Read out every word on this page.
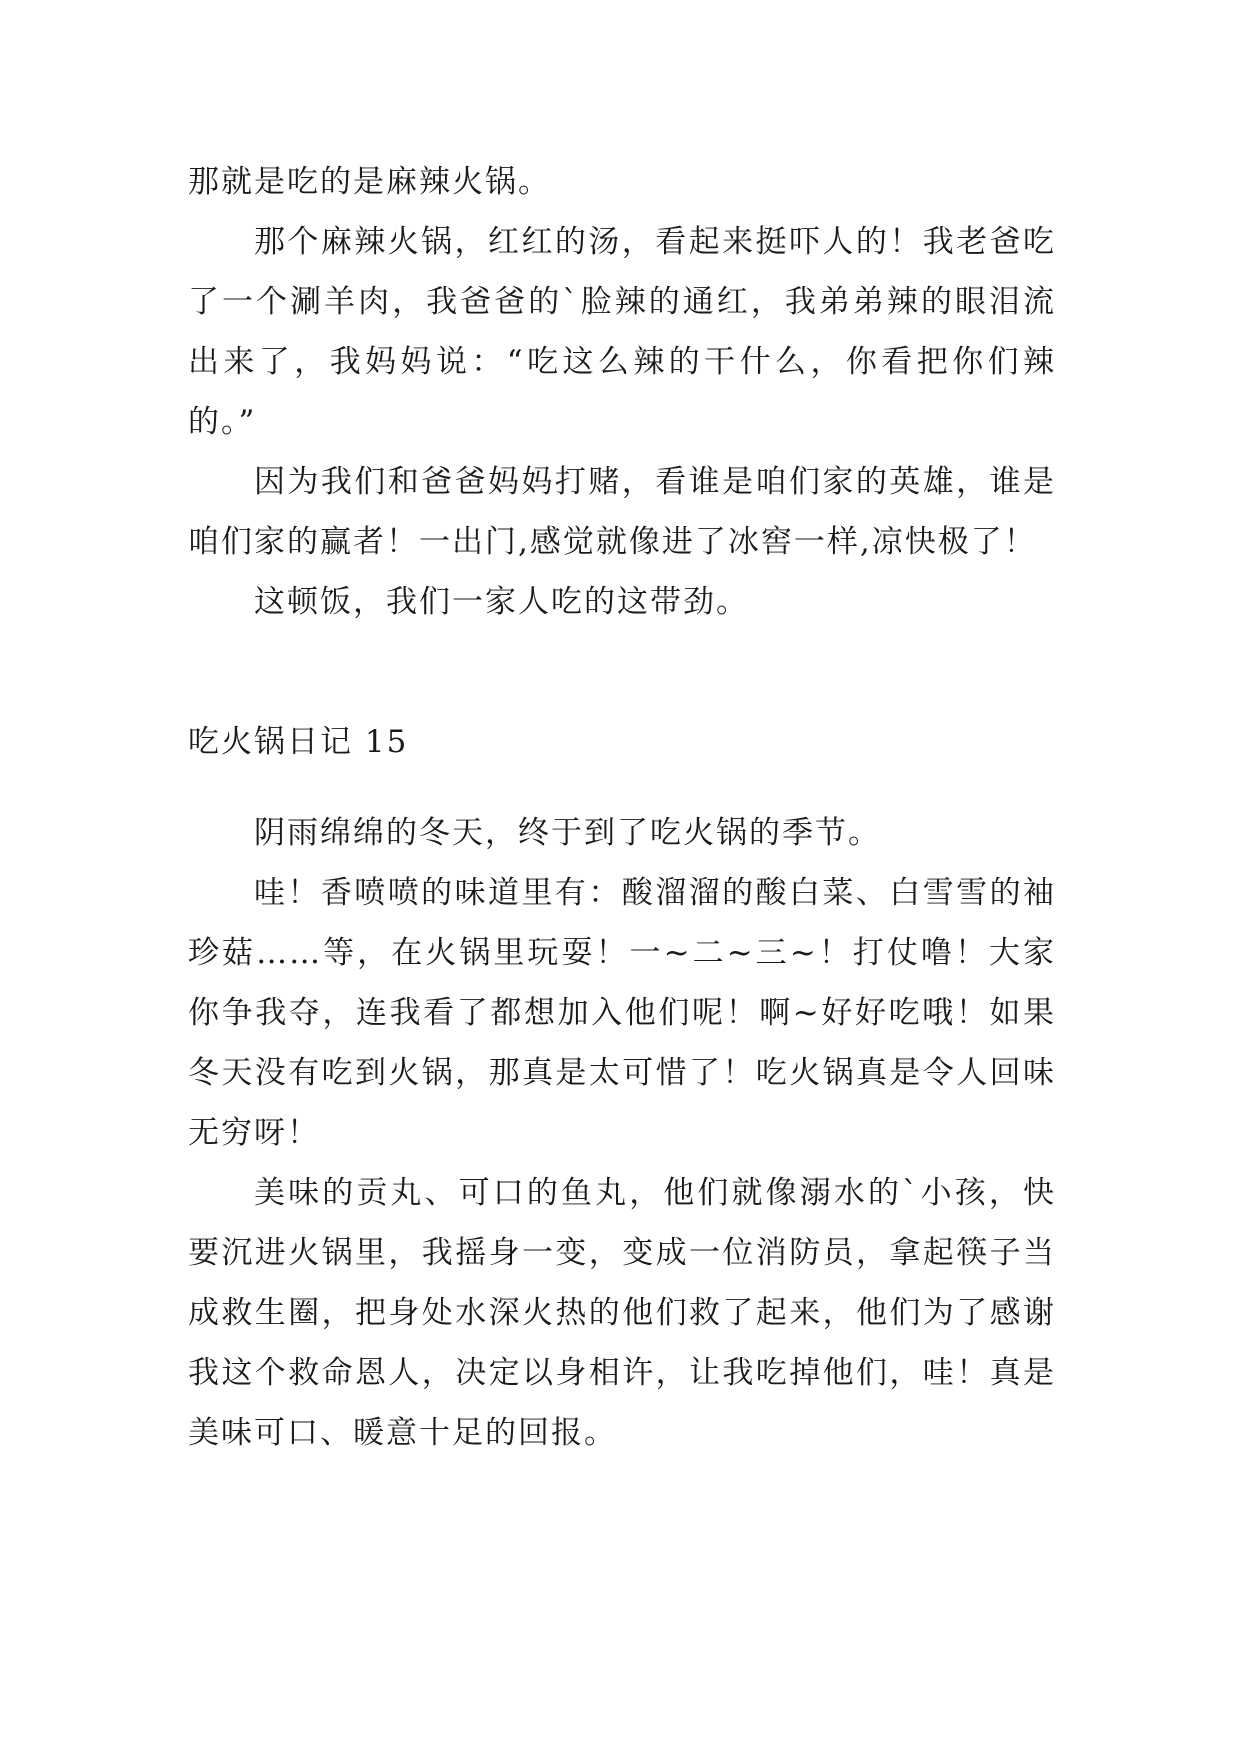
那就是吃的是麻辣火锅。

那个麻辣火锅，红红的汤，看起来挺吓人的！我老爸吃了一个涮羊肉，我爸爸的`脸辣的通红，我弟弟辣的眼泪流出来了，我妈妈说：“吃这么辣的干什么，你看把你们辣的。”

因为我们和爸爸妈妈打赌，看谁是咱们家的英雄，谁是咱们家的赢者！一出门,感觉就像进了冰窖一样,凉快极了！

这顿饭，我们一家人吃的这带劲。

吃火锅日记 15

阴雨绵绵的冬天，终于到了吃火锅的季节。

哇！香喷喷的味道里有：酸溜溜的酸白菜、白雪雪的袖珍菇……等，在火锅里玩耍！一~二~三~！打仗噜！大家你争我夺，连我看了都想加入他们呢！啊~好好吃哦！如果冬天没有吃到火锅，那真是太可惜了！吃火锅真是令人回味无穷呀！

美味的贡丸、可口的鱼丸，他们就像溺水的`小孩，快要沉进火锅里，我摇身一变，变成一位消防员，拿起筷子当成救生圈，把身处水深火热的他们救了起来，他们为了感谢我这个救命恩人，决定以身相许，让我吃掉他们，哇！真是美味可口、暖意十足的回报。
